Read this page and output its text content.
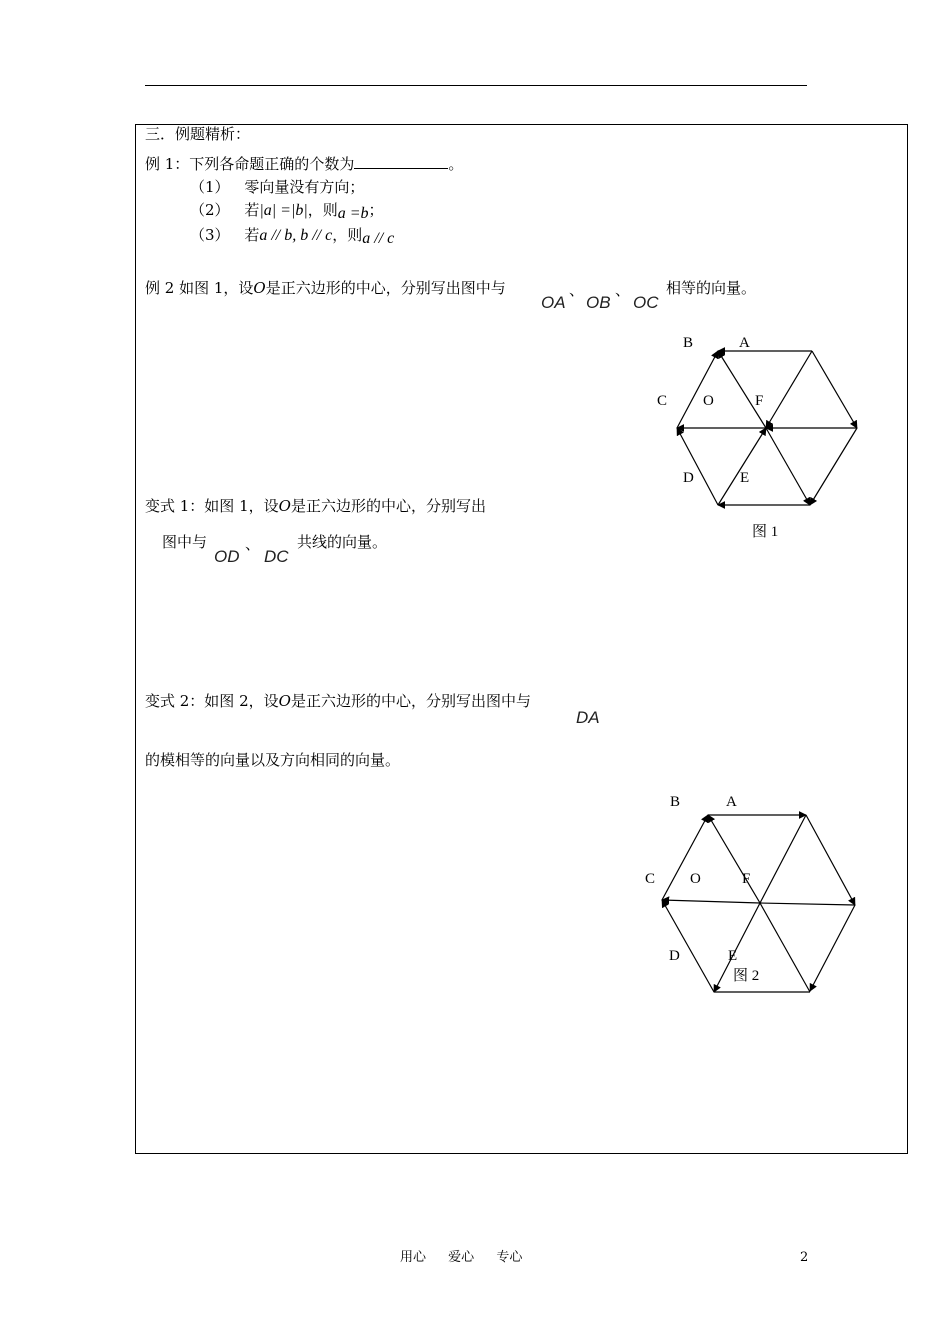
三．例题精析：
例 1：下列各命题正确的个数为	。
（1） 零向量没有方向；
（2） 若|a| =|b|，则a =b；
（3） 若a // b, b // c，则a // c
例 2 如图 1，设O是正六边形的中心，分别写出图中与
OA
、
OB
、
OC
相等的向量。
B	A
C O	F
D	E
图 1
变式 1：如图 1，设O是正六边形的中心，分别写出
图中与
OD
、
DC
共线的向量。
变式 2：如图 2，设O是正六边形的中心，分别写出图中与
DA
的模相等的向量以及方向相同的向量。
B	A
C O	F
D	E
图 2
用心 爱心 专心	2
